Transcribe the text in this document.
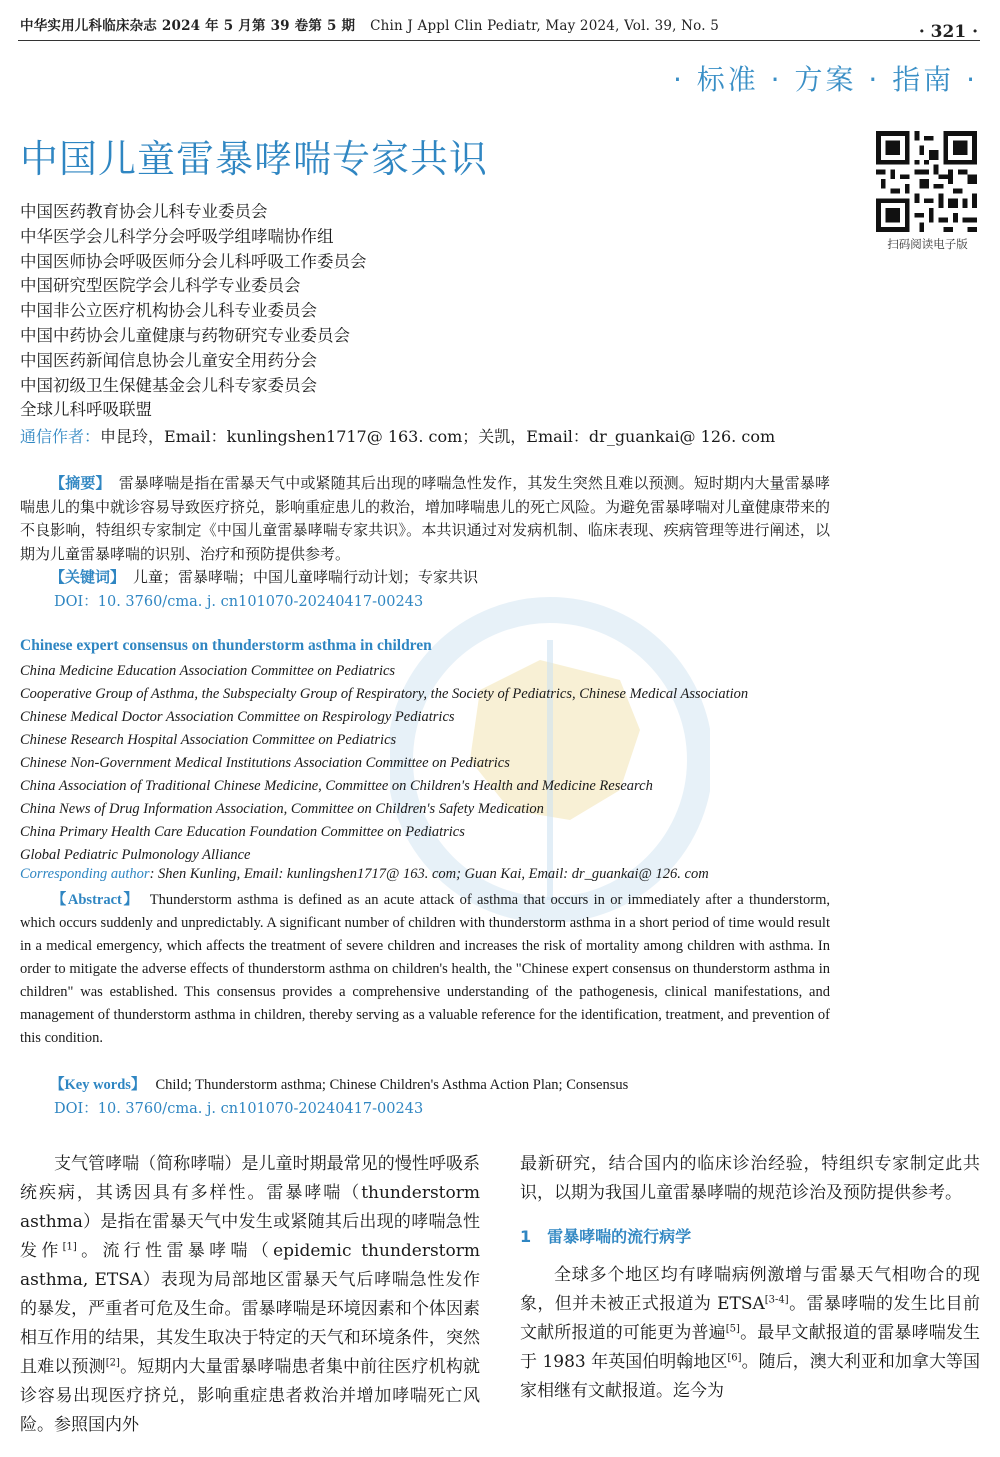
中华实用儿科临床杂志 2024 年 5 月第 39 卷第 5 期 Chin J Appl Clin Pediatr, May 2024, Vol. 39, No. 5	· 321 ·
· 标准 · 方案 · 指南 ·
中国儿童雷暴哮喘专家共识
扫码阅读电子版
中国医药教育协会儿科专业委员会
中华医学会儿科学分会呼吸学组哮喘协作组
中国医师协会呼吸医师分会儿科呼吸工作委员会
中国研究型医院学会儿科学专业委员会
中国非公立医疗机构协会儿科专业委员会
中国中药协会儿童健康与药物研究专业委员会
中国医药新闻信息协会儿童安全用药分会
中国初级卫生保健基金会儿科专家委员会
全球儿科呼吸联盟
通信作者：申昆玲，Email：kunlingshen1717@ 163. com；关凯，Email：dr_guankai@ 126. com
【摘要】 雷暴哮喘是指在雷暴天气中或紧随其后出现的哮喘急性发作，其发生突然且难以预测。短时期内大量雷暴哮喘患儿的集中就诊容易导致医疗挤兑，影响重症患儿的救治，增加哮喘患儿的死亡风险。为避免雷暴哮喘对儿童健康带来的不良影响，特组织专家制定《中国儿童雷暴哮喘专家共识》。本共识通过对发病机制、临床表现、疾病管理等进行阐述，以期为儿童雷暴哮喘的识别、治疗和预防提供参考。
【关键词】 儿童；雷暴哮喘；中国儿童哮喘行动计划；专家共识
DOI：10. 3760/cma. j. cn101070-20240417-00243
Chinese expert consensus on thunderstorm asthma in children
China Medicine Education Association Committee on Pediatrics
Cooperative Group of Asthma, the Subspecialty Group of Respiratory, the Society of Pediatrics, Chinese Medical Association
Chinese Medical Doctor Association Committee on Respirology Pediatrics
Chinese Research Hospital Association Committee on Pediatrics
Chinese Non-Government Medical Institutions Association Committee on Pediatrics
China Association of Traditional Chinese Medicine, Committee on Children's Health and Medicine Research
China News of Drug Information Association, Committee on Children's Safety Medication
China Primary Health Care Education Foundation Committee on Pediatrics
Global Pediatric Pulmonology Alliance
Corresponding author: Shen Kunling, Email: kunlingshen1717@ 163. com; Guan Kai, Email: dr_guankai@ 126. com
【Abstract】 Thunderstorm asthma is defined as an acute attack of asthma that occurs in or immediately after a thunderstorm, which occurs suddenly and unpredictably. A significant number of children with thunderstorm asthma in a short period of time would result in a medical emergency, which affects the treatment of severe children and increases the risk of mortality among children with asthma. In order to mitigate the adverse effects of thunderstorm asthma on children's health, the "Chinese expert consensus on thunderstorm asthma in children" was established. This consensus provides a comprehensive understanding of the pathogenesis, clinical manifestations, and management of thunderstorm asthma in children, thereby serving as a valuable reference for the identification, treatment, and prevention of this condition.
【Key words】 Child; Thunderstorm asthma; Chinese Children's Asthma Action Plan; Consensus
DOI：10. 3760/cma. j. cn101070-20240417-00243

支气管哮喘（简称哮喘）是儿童时期最常见的慢性呼吸系统疾病，其诱因具有多样性。雷暴哮喘（thunderstorm asthma）是指在雷暴天气中发生或紧随其后出现的哮喘急性发作[1]。流行性雷暴哮喘（epidemic thunderstorm asthma, ETSA）表现为局部地区雷暴天气后哮喘急性发作的暴发，严重者可危及生命。雷暴哮喘是环境因素和个体因素相互作用的结果，其发生取决于特定的天气和环境条件，突然且难以预测[2]。短期内大量雷暴哮喘患者集中前往医疗机构就诊容易出现医疗挤兑，影响重症患者救治并增加哮喘死亡风险。参照国内外

最新研究，结合国内的临床诊治经验，特组织专家制定此共识，以期为我国儿童雷暴哮喘的规范诊治及预防提供参考。

1　雷暴哮喘的流行病学

全球多个地区均有哮喘病例激增与雷暴天气相吻合的现象，但并未被正式报道为 ETSA[3-4]。雷暴哮喘的发生比目前文献所报道的可能更为普遍[5]。最早文献报道的雷暴哮喘发生于 1983 年英国伯明翰地区[6]。随后，澳大利亚和加拿大等国家相继有文献报道。迄今为
